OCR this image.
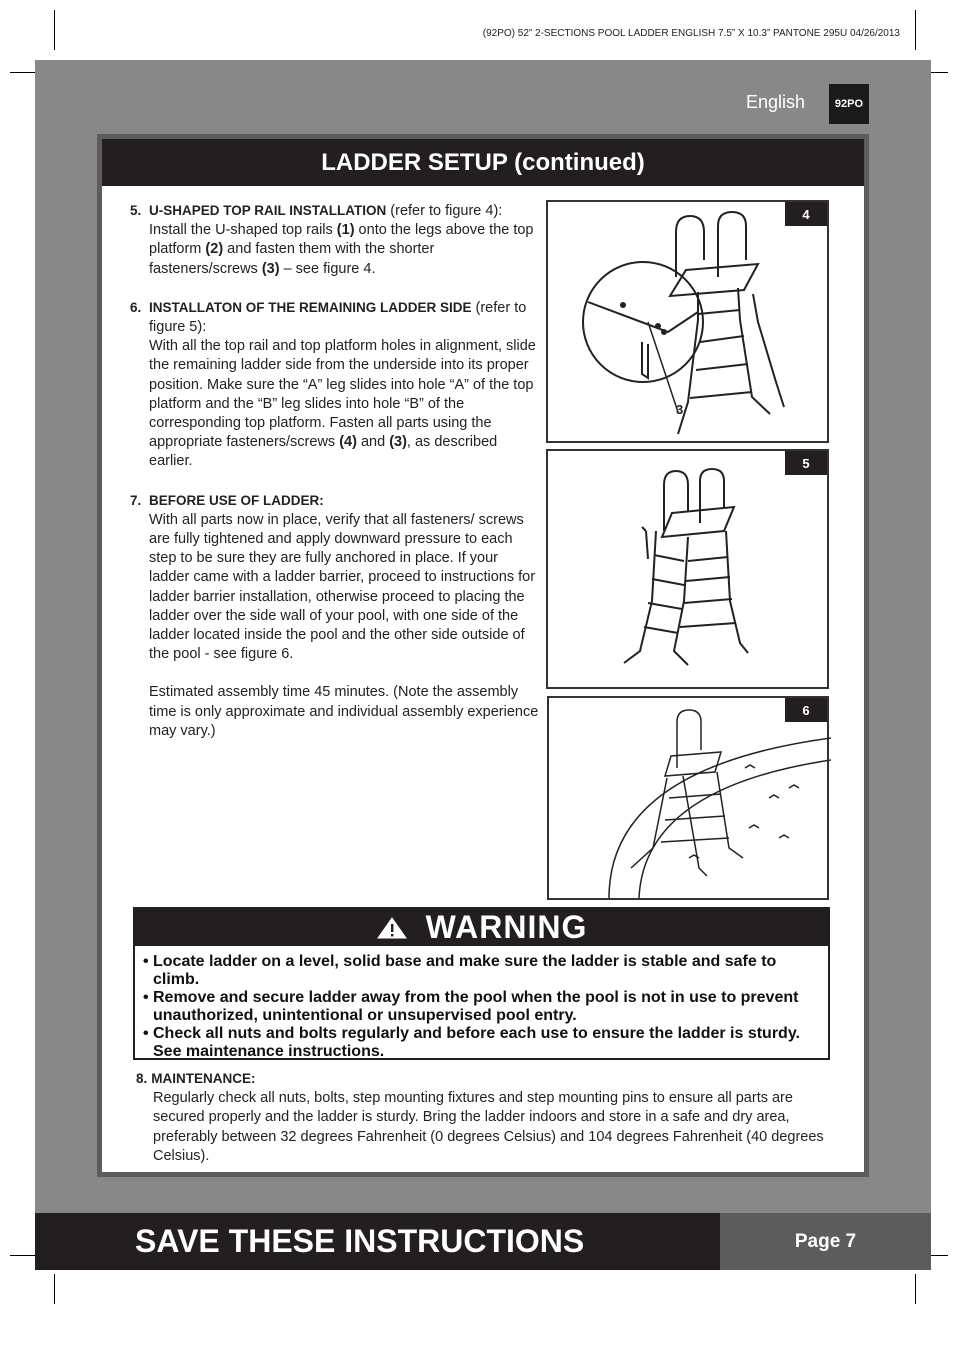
(92PO) 52” 2-SECTIONS POOL LADDER ENGLISH 7.5” X 10.3” PANTONE 295U 04/26/2013
English	92PO
LADDER SETUP (continued)
5. U-SHAPED TOP RAIL INSTALLATION (refer to figure 4):

Install the U-shaped top rails (1) onto the legs above the top platform (2) and fasten them with the shorter fasteners/screws (3) – see figure 4.

6. INSTALLATON OF THE REMAINING LADDER SIDE (refer to figure 5):

With all the top rail and top platform holes in alignment, slide the remaining ladder side from the underside into its proper position. Make sure the “A” leg slides into hole “A” of the top platform and the “B” leg slides into hole “B” of the corresponding top platform. Fasten all parts using the appropriate fasteners/screws (4) and (3), as described earlier.

7. BEFORE USE OF LADDER:

With all parts now in place, verify that all fasteners/ screws are fully tightened and apply downward pressure to each step to be sure they are fully anchored in place. If your ladder came with a ladder barrier, proceed to instructions for ladder barrier installation, otherwise proceed to placing the ladder over the side wall of your pool, with one side of the ladder located inside the pool and the other side outside of the pool - see figure 6.

Estimated assembly time 45 minutes. (Note the assembly time is only approximate and individual assembly experience may vary.)

4
3
5
6
WARNING
• Locate ladder on a level, solid base and make sure the ladder is stable and safe to climb.
• Remove and secure ladder away from the pool when the pool is not in use to prevent unauthorized, unintentional or unsupervised pool entry.
• Check all nuts and bolts regularly and before each use to ensure the ladder is sturdy. See maintenance instructions.
8. MAINTENANCE:

Regularly check all nuts, bolts, step mounting fixtures and step mounting pins to ensure all parts are secured properly and the ladder is sturdy. Bring the ladder indoors and store in a safe and dry area, preferably between 32 degrees Fahrenheit (0 degrees Celsius) and 104 degrees Fahrenheit (40 degrees Celsius).

SAVE THESE INSTRUCTIONS	Page 7
